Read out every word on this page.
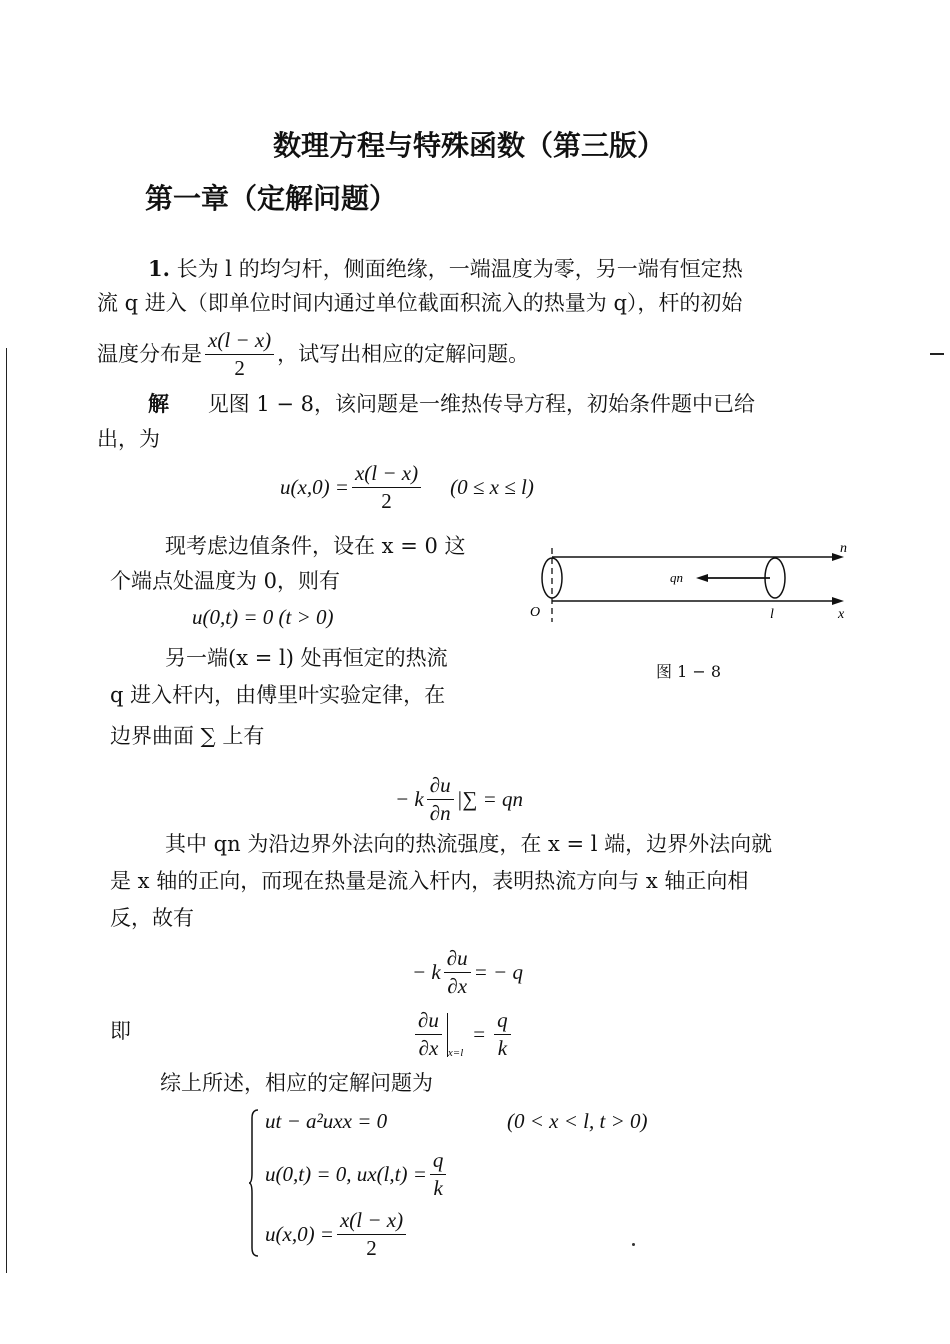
数理方程与特殊函数（第三版）
第一章（定解问题）
1. 长为 l 的均匀杆，侧面绝缘，一端温度为零，另一端有恒定热
流 q 进入（即单位时间内通过单位截面积流入的热量为 q），杆的初始
温度分布是 $\frac{x(l - x)}{2}$ ，试写出相应的定解问题。
解 见图 1 − 8，该问题是一维热传导方程，初始条件题中已给
出，为
$u(x,0) = \frac{x(l - x)}{2} (0 \le x \le l)$
现考虑边值条件，设在 x = 0 这
个端点处温度为 0，则有
u(0,t) = 0 (t > 0)
另一端(x = l) 处再恒定的热流
q 进入杆内，由傅里叶实验定律，在
边界曲面 ∑ 上有
− k $\frac{\partial u}{\partial n}$ |∑ = qn
其中 qn 为沿边界外法向的热流强度，在 x = l 端，边界外法向就
是 x 轴的正向，而现在热量是流入杆内，表明热流方向与 x 轴正向相
反，故有
− k $\frac{\partial u}{\partial x}$ = − q
即	$\frac{\partial u}{\partial x} x=l$
= $\frac{q}{k}$
综上所述，相应的定解问题为
ut − a²uxx = 0	(0 < x < l, t > 0)
u(0,t) = 0, $ux(l,t) = \frac{q}{k}$
$u(x,0) = \frac{x(l - x)}{2}$
n
qn
O	l	x
图 1 − 8
